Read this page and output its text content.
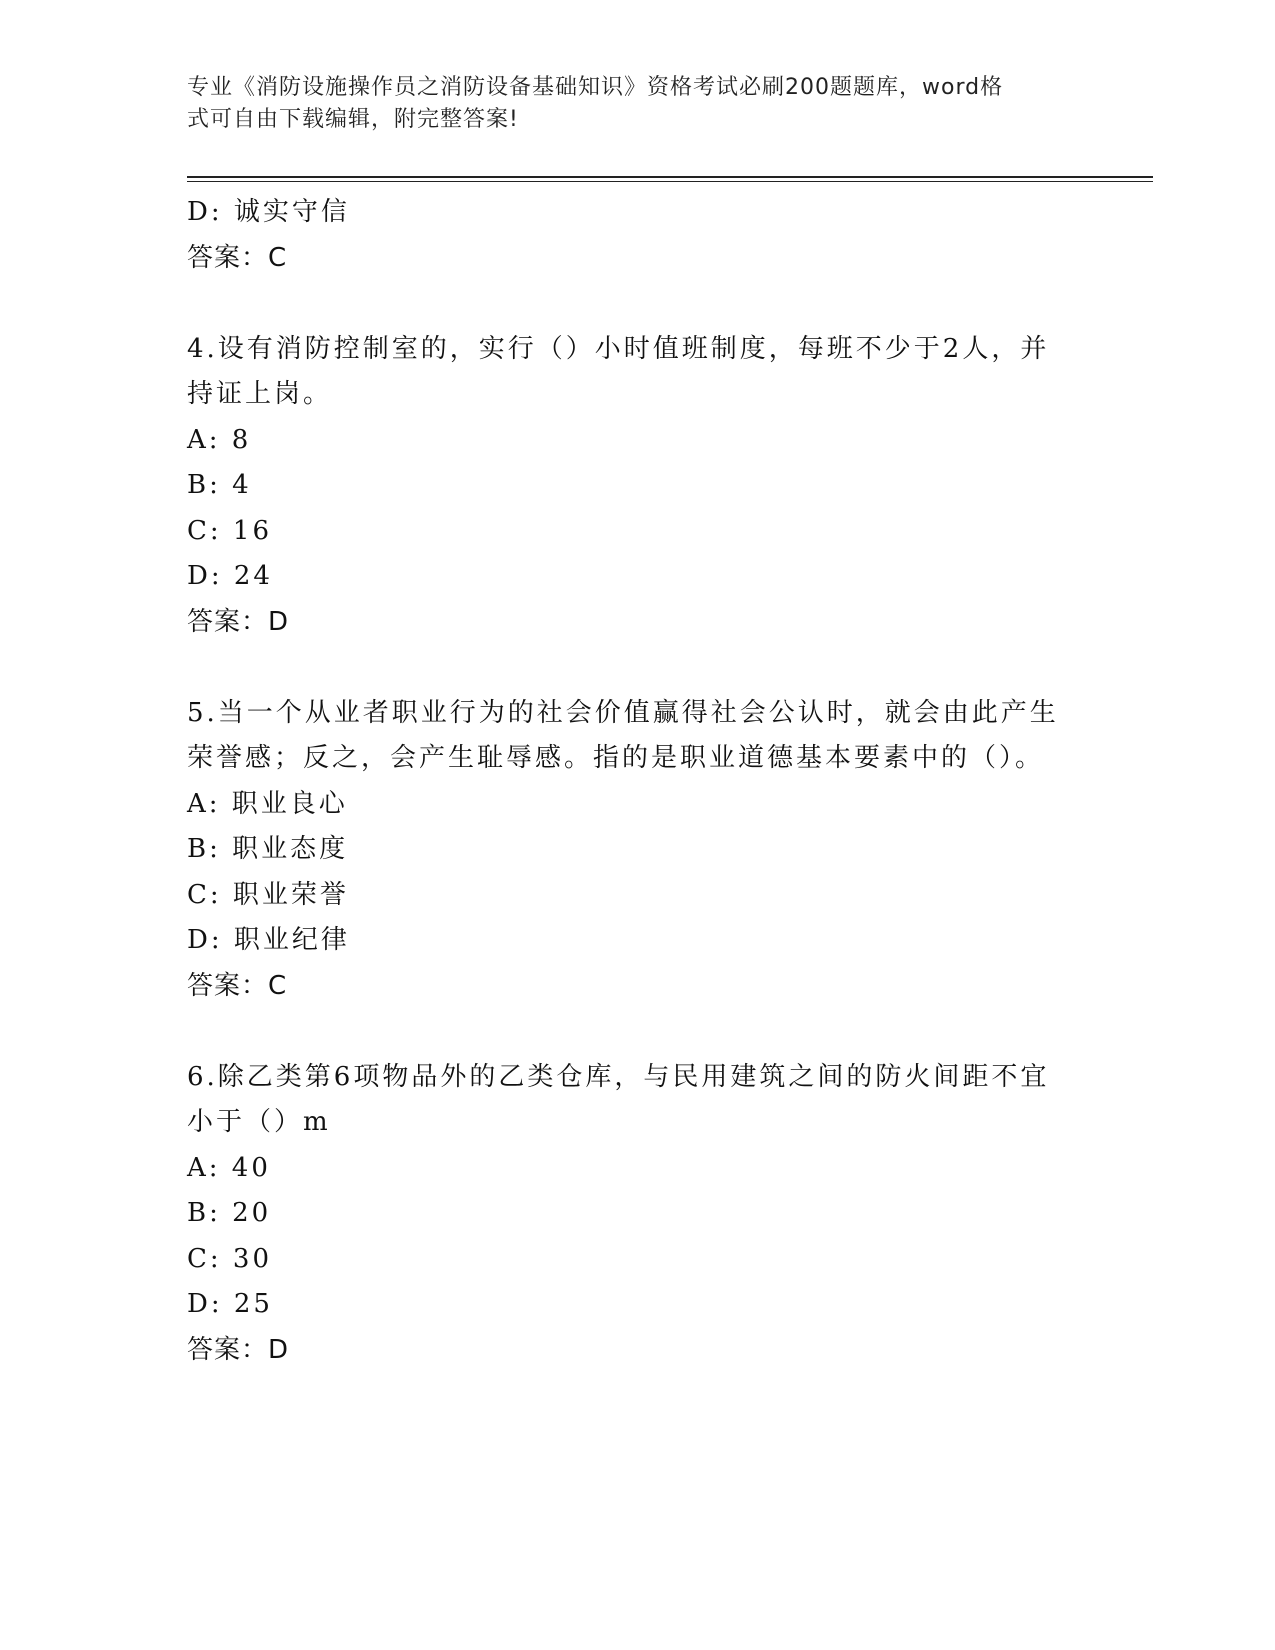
专业《消防设施操作员之消防设备基础知识》资格考试必刷200题题库，word格
式可自由下载编辑，附完整答案!
D: 诚实守信
答案：C
4.设有消防控制室的，实行（）小时值班制度，每班不少于2人，并
持证上岗。
A: 8
B: 4
C: 16
D: 24
答案：D
5.当一个从业者职业行为的社会价值赢得社会公认时，就会由此产生
荣誉感；反之，会产生耻辱感。指的是职业道德基本要素中的（）。
A: 职业良心
B: 职业态度
C: 职业荣誉
D: 职业纪律
答案：C
6.除乙类第6项物品外的乙类仓库，与民用建筑之间的防火间距不宜
小于（）m
A: 40
B: 20
C: 30
D: 25
答案：D
